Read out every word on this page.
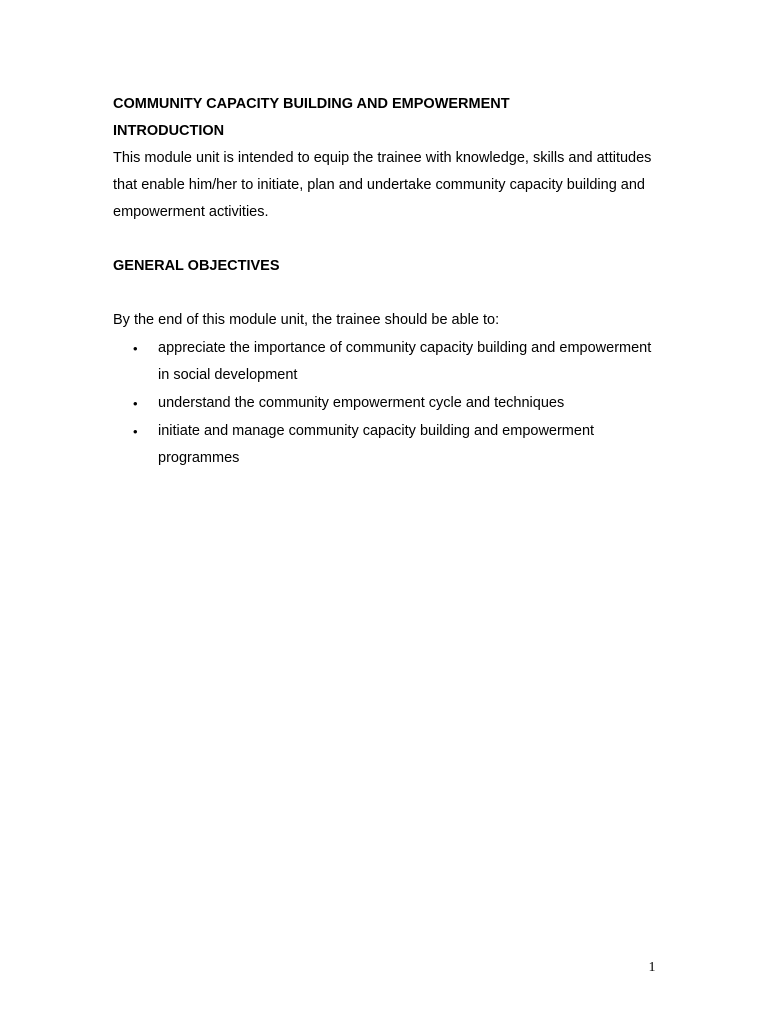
COMMUNITY CAPACITY BUILDING AND EMPOWERMENT

INTRODUCTION

This module unit is intended to equip the trainee with knowledge, skills and attitudes that enable him/her to initiate, plan and undertake community capacity building and empowerment activities.

GENERAL OBJECTIVES

By the end of this module unit, the trainee should be able to:

• appreciate the importance of community capacity building and empowerment in social development
• understand the community empowerment cycle and techniques
• initiate and manage community capacity building and empowerment programmes
1
